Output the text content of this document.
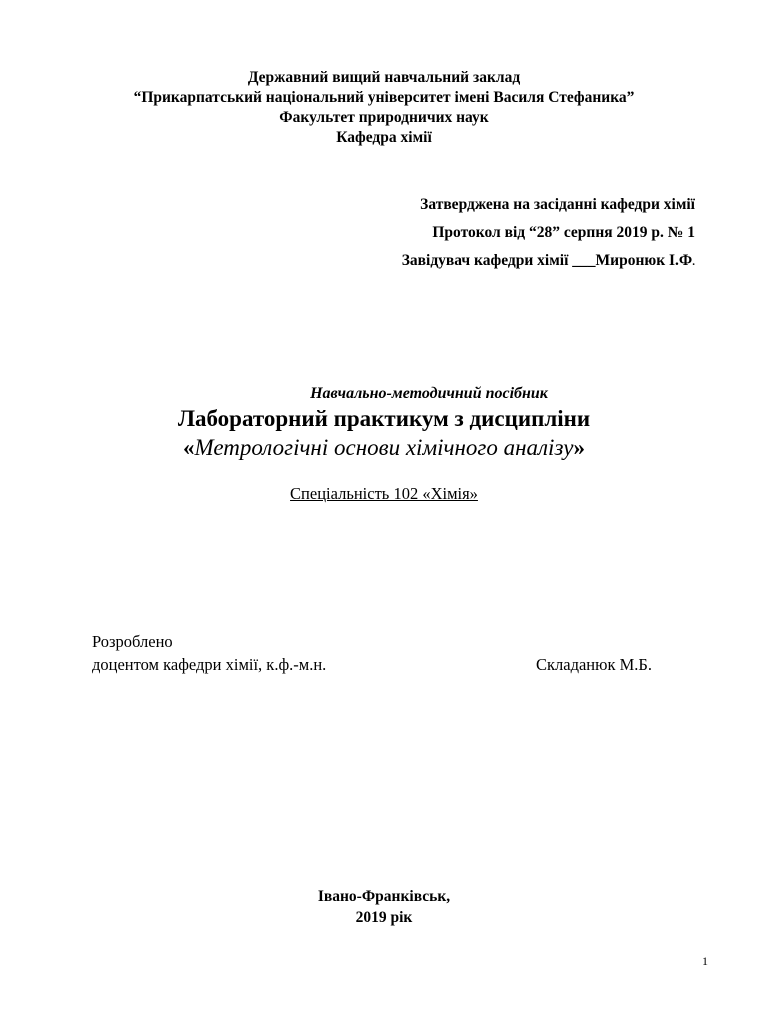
Державний вищий навчальний заклад
“Прикарпатський національний університет імені Василя Стефаника”
Факультет природничих наук
Кафедра хімії
Затверджена на засіданні кафедри хімії
Протокол від “28” серпня 2019 р. № 1
Завідувач кафедри хімії ___Миронюк І.Ф.
Навчально-методичний посібник
Лабораторний практикум з дисципліни
«Метрологічні основи хімічного аналізу»
Спеціальність 102 «Хімія»
Розроблено
доцентом кафедри хімії, к.ф.-м.н.	Складанюк М.Б.
Івано-Франківськ,
2019 рік
1
